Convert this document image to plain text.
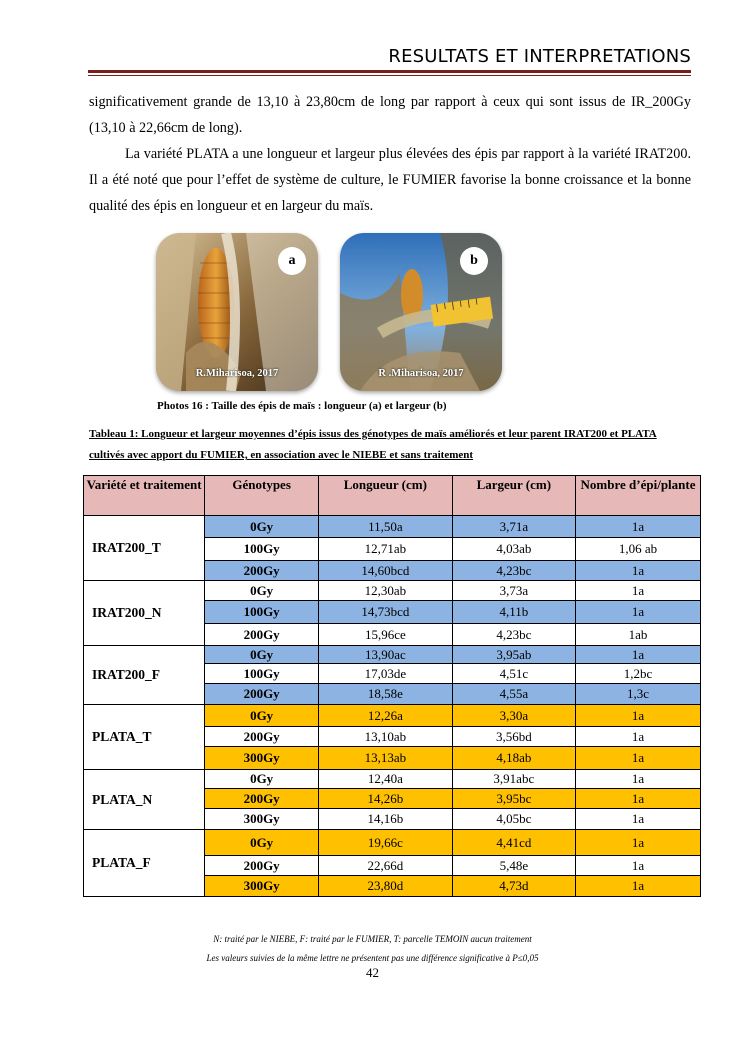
RESULTATS ET INTERPRETATIONS
significativement grande de 13,10 à 23,80cm de long par rapport à ceux qui sont issus de IR_200Gy (13,10 à 22,66cm de long).
La variété PLATA a une longueur et largeur plus élevées des épis par rapport à la variété IRAT200. Il a été noté que pour l’effet de système de culture, le FUMIER favorise la bonne croissance et la bonne qualité des épis en longueur et en largeur du maïs.
a
R.Miharisoa, 2017
b
R .Miharisoa, 2017
Photos 16 : Taille des épis de maïs : longueur (a) et largeur (b)
Tableau 1: Longueur et largeur moyennes d’épis issus des génotypes de maïs améliorés et leur parent IRAT200 et PLATA cultivés avec apport du FUMIER, en association avec le NIEBE et sans traitement
Variété et traitement	Génotypes	Longueur (cm)	Largeur (cm)	Nombre d’épi/plante
IRAT200_T	0Gy	11,50a	3,71a	1a
	100Gy	12,71ab	4,03ab	1,06 ab
	200Gy	14,60bcd	4,23bc	1a
IRAT200_N	0Gy	12,30ab	3,73a	1a
	100Gy	14,73bcd	4,11b	1a
	200Gy	15,96ce	4,23bc	1ab
IRAT200_F	0Gy	13,90ac	3,95ab	1a
	100Gy	17,03de	4,51c	1,2bc
	200Gy	18,58e	4,55a	1,3c
PLATA_T	0Gy	12,26a	3,30a	1a
	200Gy	13,10ab	3,56bd	1a
	300Gy	13,13ab	4,18ab	1a
PLATA_N	0Gy	12,40a	3,91abc	1a
	200Gy	14,26b	3,95bc	1a
	300Gy	14,16b	4,05bc	1a
PLATA_F	0Gy	19,66c	4,41cd	1a
	200Gy	22,66d	5,48e	1a
	300Gy	23,80d	4,73d	1a
N: traité par le NIEBE, F: traité par le FUMIER, T: parcelle TEMOIN aucun traitement
Les valeurs suivies de la même lettre ne présentent pas une différence significative à P≤0,05
42
